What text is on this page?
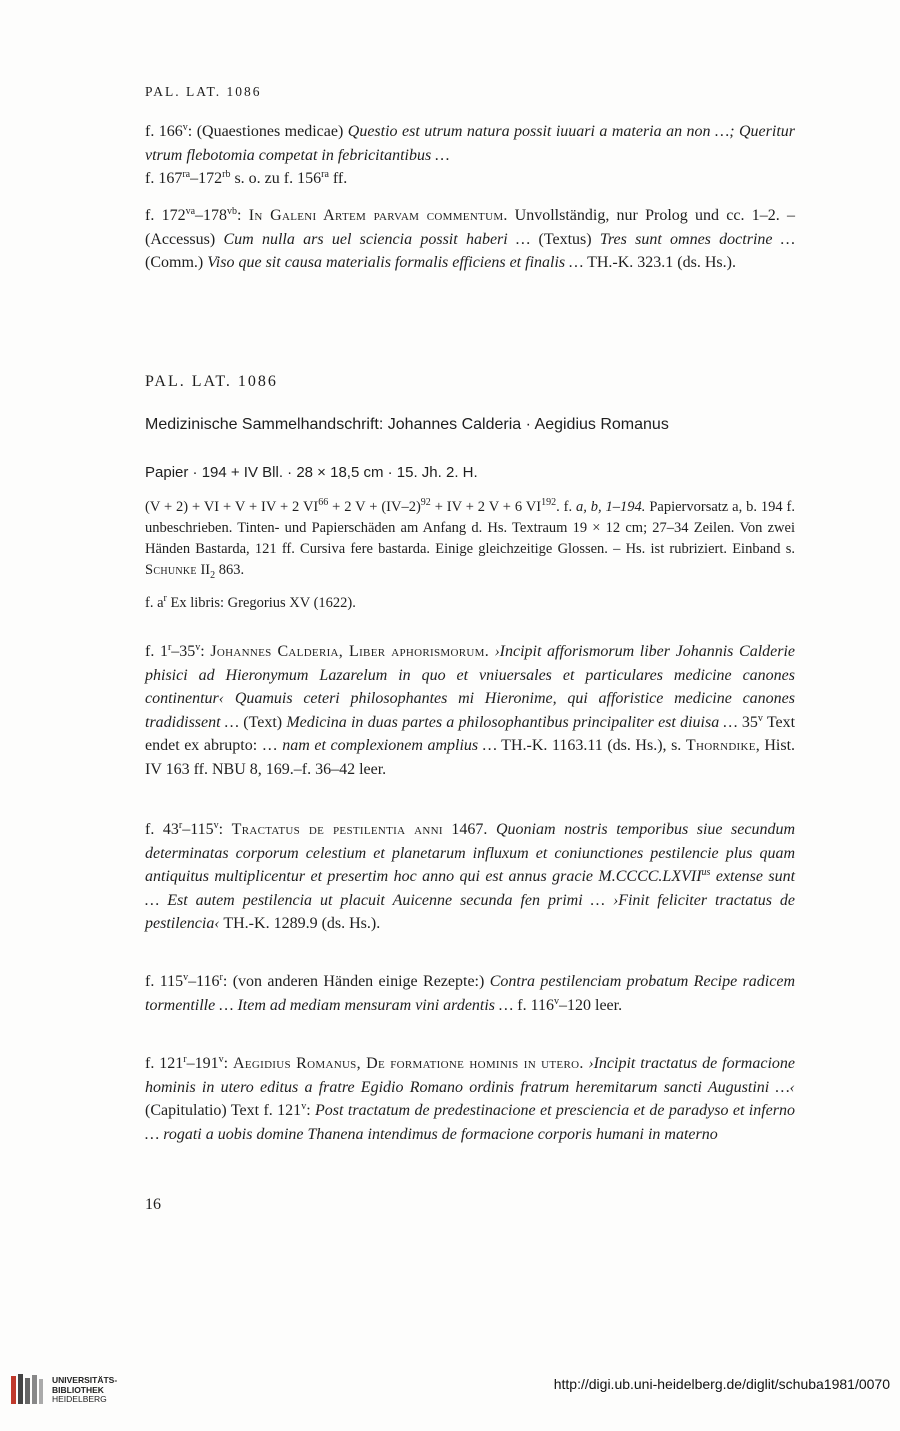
PAL. LAT. 1086

f. 166$^v$: (Quaestiones medicae) Questio est utrum natura possit iuuari a materia an non …; Queritur vtrum flebotomia competat in febricitantibus …
f. $167^{ra}-172^{rb}$ s. o. zu f. $156^{ra}$ ff.

f. $172^{va}-178^{vb}$: In Galeni Artem parvam commentum. Unvollständig, nur Prolog und cc. 1–2. – (Accessus) Cum nulla ars uel sciencia possit haberi … (Textus) Tres sunt omnes doctrine … (Comm.) Viso que sit causa materialis formalis efficiens et finalis … TH.-K. 323.1 (ds. Hs.).

PAL. LAT. 1086
Medizinische Sammelhandschrift: Johannes Calderia · Aegidius Romanus
Papier · 194 + IV Bll. · 28 × 18,5 cm · 15. Jh. 2. H.

(V + 2) + VI + V + IV + 2 $VI^{66} + 2$ $V + (IV-2)^{92}$ + IV + 2 V + 6 VI$^{192}$. f. a, b, 1–194. Papiervorsatz a, b. 194 f. unbeschrieben. Tinten- und Papierschäden am Anfang d. Hs. Textraum 19 × 12 cm; 27–34 Zeilen. Von zwei Händen Bastarda, 121 ff. Cursiva fere bastarda. Einige gleichzeitige Glossen. – Hs. ist rubriziert. Einband s. Schunke $II_2$ 863.

f. $a^r$ Ex libris: Gregorius XV (1622).

f. 1$^r$–35$^v$: Johannes Calderia, Liber aphorismorum. ›Incipit afforismorum liber Johannis Calderie phisici ad Hieronymum Lazarelum in quo et vniuersales et particulares medicine canones continentur‹ Quamuis ceteri philosophantes mi Hieronime, qui afforistice medicine canones tradidissent … (Text) Medicina in duas partes a philosophantibus principaliter est diuisa … 35$^v$ Text endet ex abrupto: … nam et complexionem amplius … TH.-K. 1163.11 (ds. Hs.), s. Thorndike, Hist. IV 163 ff. NBU 8, 169.–f. 36–42 leer.

f. 43$^r$–115$^v$: Tractatus de pestilentia anni 1467. Quoniam nostris temporibus siue secundum determinatas corporum celestium et planetarum influxum et coniunctiones pestilencie plus quam antiquitus multiplicentur et presertim hoc anno qui est annus gracie $M.CCCC.LXVII^{us}$ extense sunt … Est autem pestilencia ut placuit Auicenne secunda fen primi … ›Finit feliciter tractatus de pestilencia‹ TH.-K. 1289.9 (ds. Hs.).

f. 115$^v$–116$^r$: (von anderen Händen einige Rezepte:) Contra pestilenciam probatum Recipe radicem tormentille … Item ad mediam mensuram vini ardentis … f. 116$^v$–120 leer.

f. 121$^r$–191$^v$: Aegidius Romanus, De formatione hominis in utero. ›Incipit tractatus de formacione hominis in utero editus a fratre Egidio Romano ordinis fratrum heremitarum sancti Augustini …‹ (Capitulatio) Text f. 121$^v$: Post tractatum de predestinacione et presciencia et de paradyso et inferno … rogati a uobis domine Thanena intendimus de formacione corporis humani in materno

16
UNIVERSITÄTS-
BIBLIOTHEK
HEIDELBERG
http://digi.ub.uni-heidelberg.de/diglit/schuba1981/0070
